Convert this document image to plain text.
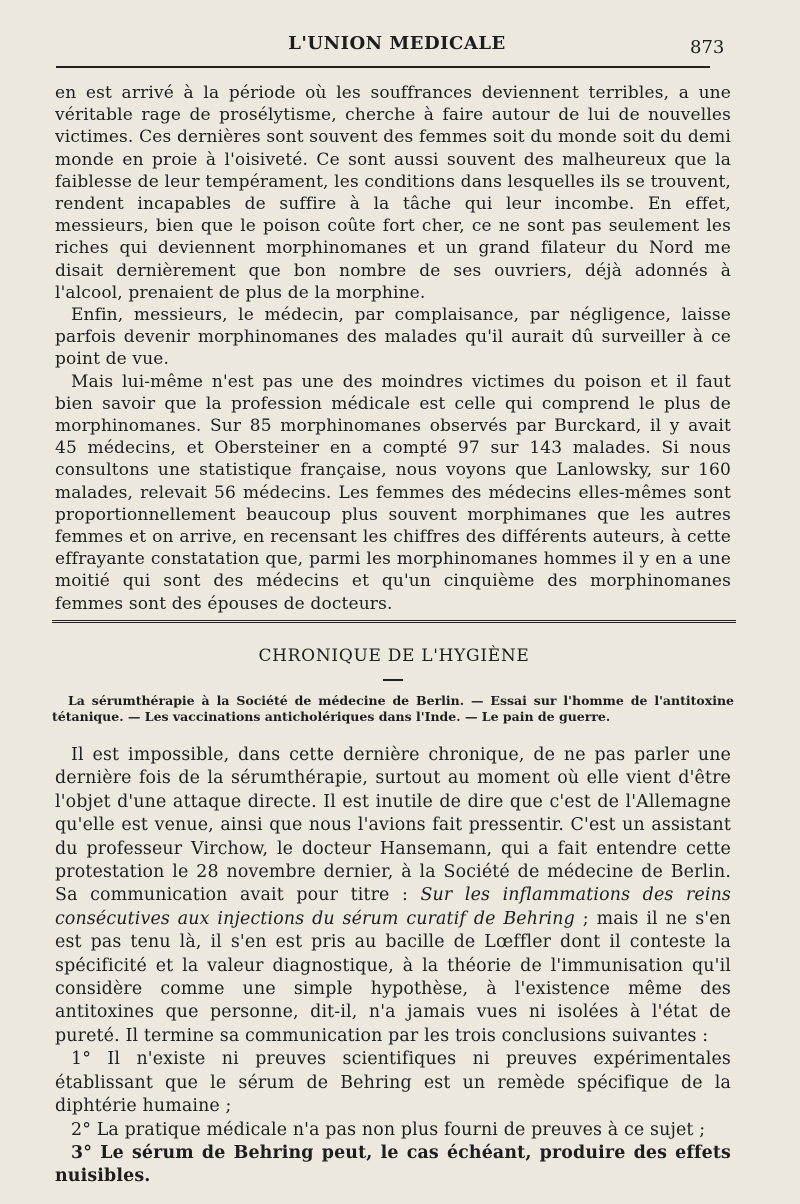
L'UNION MEDICALE	873

en est arrivé à la période où les souffrances deviennent terribles, a une véritable rage de prosélytisme, cherche à faire autour de lui de nouvelles victimes. Ces dernières sont souvent des femmes soit du monde soit du demi monde en proie à l'oisiveté. Ce sont aussi souvent des malheureux que la faiblesse de leur tempérament, les conditions dans lesquelles ils se trouvent, rendent incapables de suffire à la tâche qui leur incombe. En effet, messieurs, bien que le poison coûte fort cher, ce ne sont pas seulement les riches qui deviennent morphinomanes et un grand filateur du Nord me disait dernièrement que bon nombre de ses ouvriers, déjà adonnés à l'alcool, prenaient de plus de la morphine.

Enfin, messieurs, le médecin, par complaisance, par négligence, laisse parfois devenir morphinomanes des malades qu'il aurait dû surveiller à ce point de vue.

Mais lui-même n'est pas une des moindres victimes du poison et il faut bien savoir que la profession médicale est celle qui comprend le plus de morphinomanes. Sur 85 morphinomanes observés par Burckard, il y avait 45 médecins, et Obersteiner en a compté 97 sur 143 malades. Si nous consultons une statistique française, nous voyons que Lanlowsky, sur 160 malades, relevait 56 médecins. Les femmes des médecins elles-mêmes sont proportionnellement beaucoup plus souvent morphimanes que les autres femmes et on arrive, en recensant les chiffres des différents auteurs, à cette effrayante constatation que, parmi les morphinomanes hommes il y en a une moitié qui sont des médecins et qu'un cinquième des morphinomanes femmes sont des épouses de docteurs.

CHRONIQUE DE L'HYGIÈNE
La sérumthérapie à la Société de médecine de Berlin. — Essai sur l'homme de l'antitoxine tétanique. — Les vaccinations anticholériques dans l'Inde. — Le pain de guerre.

Il est impossible, dans cette dernière chronique, de ne pas parler une dernière fois de la sérumthérapie, surtout au moment où elle vient d'être l'objet d'une attaque directe. Il est inutile de dire que c'est de l'Allemagne qu'elle est venue, ainsi que nous l'avions fait pressentir. C'est un assistant du professeur Virchow, le docteur Hansemann, qui a fait entendre cette protestation le 28 novembre dernier, à la Société de médecine de Berlin. Sa communication avait pour titre : Sur les inflammations des reins consécutives aux injections du sérum curatif de Behring ; mais il ne s'en est pas tenu là, il s'en est pris au bacille de Lœffler dont il conteste la spécificité et la valeur diagnostique, à la théorie de l'immunisation qu'il considère comme une simple hypothèse, à l'existence même des antitoxines que personne, dit-il, n'a jamais vues ni isolées à l'état de pureté. Il termine sa communication par les trois conclusions suivantes :

1° Il n'existe ni preuves scientifiques ni preuves expérimentales établissant que le sérum de Behring est un remède spécifique de la diphtérie humaine ;

2° La pratique médicale n'a pas non plus fourni de preuves à ce sujet ;

3° Le sérum de Behring peut, le cas échéant, produire des effets nuisibles.
